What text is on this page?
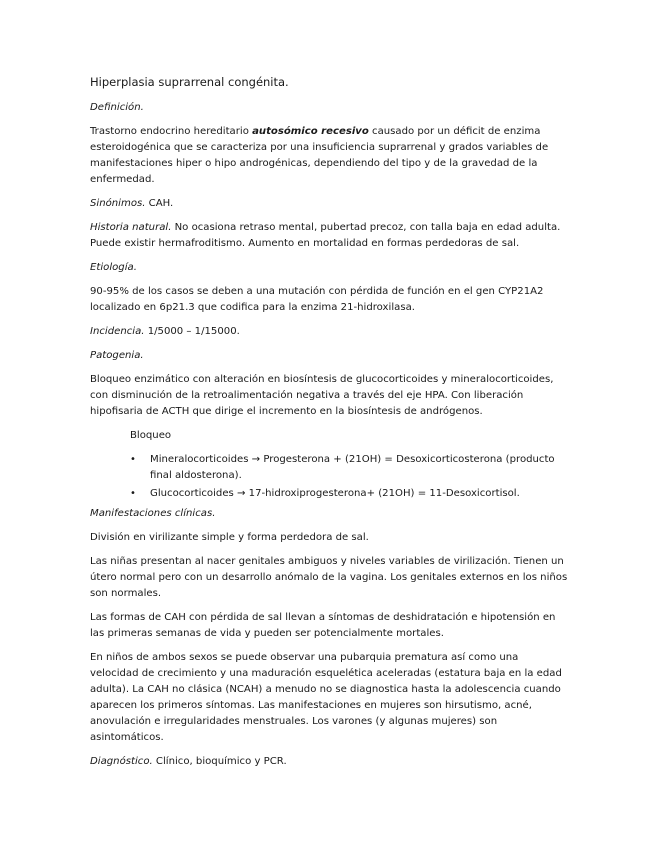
Hiperplasia suprarrenal congénita.

Definición.

Trastorno endocrino hereditario autosómico recesivo causado por un déficit de enzima esteroidogénica que se caracteriza por una insuficiencia suprarrenal y grados variables de manifestaciones hiper o hipo androgénicas, dependiendo del tipo y de la gravedad de la enfermedad.

Sinónimos. CAH.

Historia natural. No ocasiona retraso mental, pubertad precoz, con talla baja en edad adulta. Puede existir hermafroditismo. Aumento en mortalidad en formas perdedoras de sal.

Etiología.

90-95% de los casos se deben a una mutación con pérdida de función en el gen CYP21A2 localizado en 6p21.3 que codifica para la enzima 21-hidroxilasa.

Incidencia. 1/5000 – 1/15000.

Patogenia.

Bloqueo enzimático con alteración en biosíntesis de glucocorticoides y mineralocorticoides, con disminución de la retroalimentación negativa a través del eje HPA. Con liberación hipofisaria de ACTH que dirige el incremento en la biosíntesis de andrógenos.

Bloqueo

• Mineralocorticoides → Progesterona + (21OH) = Desoxicorticosterona (producto final aldosterona).
• Glucocorticoides → 17-hidroxiprogesterona+ (21OH) = 11-Desoxicortisol.

Manifestaciones clínicas.

División en virilizante simple y forma perdedora de sal.

Las niñas presentan al nacer genitales ambiguos y niveles variables de virilización. Tienen un útero normal pero con un desarrollo anómalo de la vagina. Los genitales externos en los niños son normales.

Las formas de CAH con pérdida de sal llevan a síntomas de deshidratación e hipotensión en las primeras semanas de vida y pueden ser potencialmente mortales.

En niños de ambos sexos se puede observar una pubarquia prematura así como una velocidad de crecimiento y una maduración esquelética aceleradas (estatura baja en la edad adulta). La CAH no clásica (NCAH) a menudo no se diagnostica hasta la adolescencia cuando aparecen los primeros síntomas. Las manifestaciones en mujeres son hirsutismo, acné, anovulación e irregularidades menstruales. Los varones (y algunas mujeres) son asintomáticos.

Diagnóstico. Clínico, bioquímico y PCR.
